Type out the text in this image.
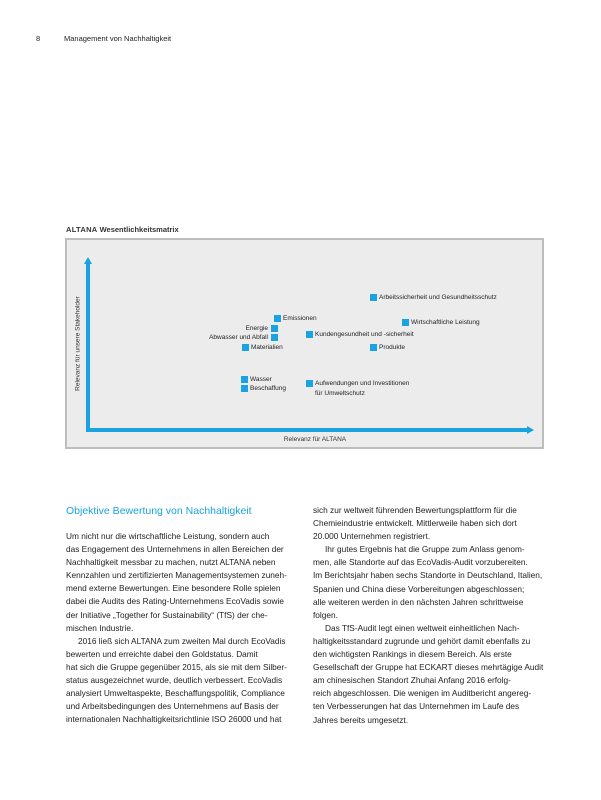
8	Management von Nachhaltigkeit
ALTANA Wesentlichkeitsmatrix
Relevanz für unsere Stakeholder
Relevanz für ALTANA
Arbeitssicherheit und Gesundheitsschutz
Emissionen
Energie
Abwasser und Abfall
Materialien
Kundengesundheit und -sicherheit
Wirtschaftliche Leistung
Produkte
Wasser
Beschaffung
Aufwendungen und Investitionen
für Umweltschutz
Objektive Bewertung von Nachhaltigkeit

Um nicht nur die wirtschaftliche Leistung, sondern auch

das Engagement des Unternehmens in allen Bereichen der

Nachhaltigkeit messbar zu machen, nutzt ALTANA neben

Kennzahlen und zertifizierten Managementsystemen zuneh-

mend externe Bewertungen. Eine besondere Rolle spielen

dabei die Audits des Rating-Unternehmens EcoVadis sowie

der Initiative „Together for Sustainability“ (TfS) der che-

mischen Industrie.

2016 ließ sich ALTANA zum zweiten Mal durch EcoVadis

bewerten und erreichte dabei den Goldstatus. Damit

hat sich die Gruppe gegenüber 2015, als sie mit dem Silber-

status ausgezeichnet wurde, deutlich verbessert. EcoVadis

analysiert Umweltaspekte, Beschaffungspolitik, Compliance

und Arbeitsbedingungen des Unternehmens auf Basis der

internationalen Nachhaltigkeitsrichtlinie ISO 26000 und hat

sich zur weltweit führenden Bewertungsplattform für die

Chemieindustrie entwickelt. Mittlerweile haben sich dort

20.000 Unternehmen registriert.

Ihr gutes Ergebnis hat die Gruppe zum Anlass genom-

men, alle Standorte auf das EcoVadis-Audit vorzubereiten.

Im Berichtsjahr haben sechs Standorte in Deutschland, Italien,

Spanien und China diese Vorbereitungen abgeschlossen;

alle weiteren werden in den nächsten Jahren schrittweise

folgen.

Das TfS-Audit legt einen weltweit einheitlichen Nach-

haltigkeitsstandard zugrunde und gehört damit ebenfalls zu

den wichtigsten Rankings in diesem Bereich. Als erste

Gesellschaft der Gruppe hat ECKART dieses mehrtägige Audit

am chinesischen Standort Zhuhai Anfang 2016 erfolg-

reich abgeschlossen. Die wenigen im Auditbericht angereg-

ten Verbesserungen hat das Unternehmen im Laufe des

Jahres bereits umgesetzt.
